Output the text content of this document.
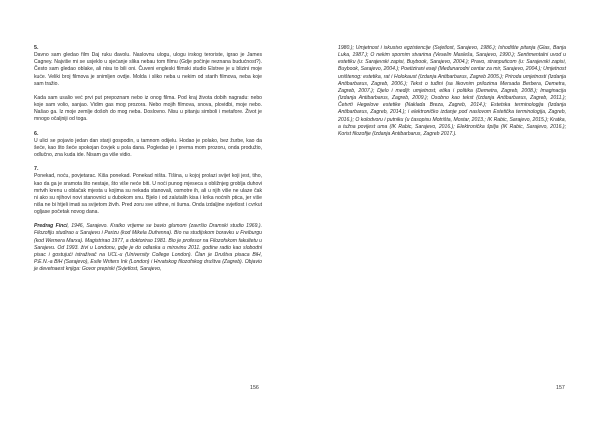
5.

Davno sam gledao film Daj ruku đavolu. Naslovnu ulogu, ulogu irskog teroriste, igrao je James Cagney. Najviše mi se usjeklo u sjećanje slika nebau tom filmu (Gdje počinje neznana budućnost?). Često sam gledao oblake, ali nisu to bili oni. Čuveni engleski filmski studio Elstree je u blizini moje kuće. Veliki broj filmova je snimljen ovdje. Molda i sliko neba u nekim od starih filmova, neba koje sam tražio.

Kada sam usalio već prvi put prepoznam nebo iz onog filma. Pod kraj života dobih nagradu: nebo koje sam volio, sanjao. Vidim gas mog prozora. Nebo mojih filmova, snova, plovidbi, moje nebo. Našao ga. Iz moje zemlje došoh do mog neba. Doslovno. Nisu u pitanju simboli i metafore. Život je mnogo očaljniji od toga.

6.

U ulici se pojavio jedan dan starji gospodin, u tamnom odijelu. Hodao je polako, bez žurbe, kao da šeće, kao što šeće spokojan čovjek u pola dana. Pogledao je i prema mom prozoru, onda produžio, odlučno, zna kuda ide. Nisam ga više vidio.

7.

Ponekad, noću, povjetarac. Kiša ponekad. Ponekad ništa. Tišina, u kojoj prolazi svijet koji jest, tiho, kao da ga je sramota što nestaje, što više neće biti. U noći punog mjeseca s obližnjeg groblja duhovi mrtvih krenu u oblačak mjesta u kojima su nekada stanovali, osmotre ih, ali u njih više ne ulaze čak ni ako su njihovi novi stanovnici u dubokom snu. Bjelo i od zalutalih kisa i krika noćnih ptica, jer više niša ne bi htjeli imati sa svijetom živih. Pred zoru sve utihne, ni šuma. Onda izdaljine svjetlost i cvrkut ogljase početak novog dana.

Predrag Finci, 1946, Sarajevo. Kratko vrijeme se bavio glumom (završio Dramski studio 1969.). Filozofiju studirao u Sarajevu i Parizu (kod Mikela Dufrenna). Bio na studijskom boravku u Freiburgu (kod Wernera Marxa). Magistrirao 1977, a doktorirao 1981. Bio je profesor na Filozofskom fakultetu u Sarajevu. Od 1993. živi u Londonu, gdje je do odlaska u mirovinu 2011. godine radio kao slobodni pisac i gostujući istraživač na UCL-u (University College London). Član je Društva pisaca BiH, P.E.N.-a BiH (Sarajevo), Exile Writers Ink (London) i Hrvatskog filozofskog društva (Zagreb). Objavio je devetnaest knjiga: Govor prepiski (Svjetlost, Sarajevo,

156

1980.); Umjetnost i iskustvo egzistencije (Svjetlost, Sarajevo, 1986.); Ishodište pitanja (Glas, Banja Luka, 1987.); O nekim spornim stvarima (Veselin Masleša, Sarajevo, 1990.); Sentimentalni uvod u estetiku (u: Sarajevski zapisi, Buybook, Sarajevo, 2004.); Pravo, stranputicom (u: Sarajevski zapisi, Buybook, Sarajevo, 2004.); Poetizirani eseji (Međunarodni centar za mir, Sarajevo, 2004.); Umjetnost uništenog: estetika, rat i Holokaust (Izdanja Antibarbarus, Zagreb 2005.); Priroda umjetnosti (Izdanja Antibarbarus, Zagreb, 2006.); Tekst o tuđini (sa likovnim prilozima Mersada Berbera, Demetra, Zagreb, 2007.); Djelo i mediji: umjetnost, etika i politika (Demetra, Zagreb, 2008.); Imaginacija (Izdanja Antibarbarus, Zagreb, 2009.); Osobno kao tekst (Izdanja Antibarbarus, Zagreb, 2011.); Četvrti Hegelove estetike (Naklada Breza, Zagreb, 2014.); Estetska terminologija (Izdanja Antibarbarus, Zagreb, 2014.); i elektroničko izdanje pod naslovom Estetička terminologija, Zagreb, 2016.); O kolodvoru i putniku (u časopisu Motrišta, Mostar, 2013.; IK Rabic, Sarajevo, 2015.); Kratka, a tužna povijest uma (IK Rabic, Sarajevo, 2016.); Elektronička špilja (IK Rabic, Sarajevo, 2016.); Korist filozofije (Izdanja Antibarbarus, Zagreb 2017.).

157
